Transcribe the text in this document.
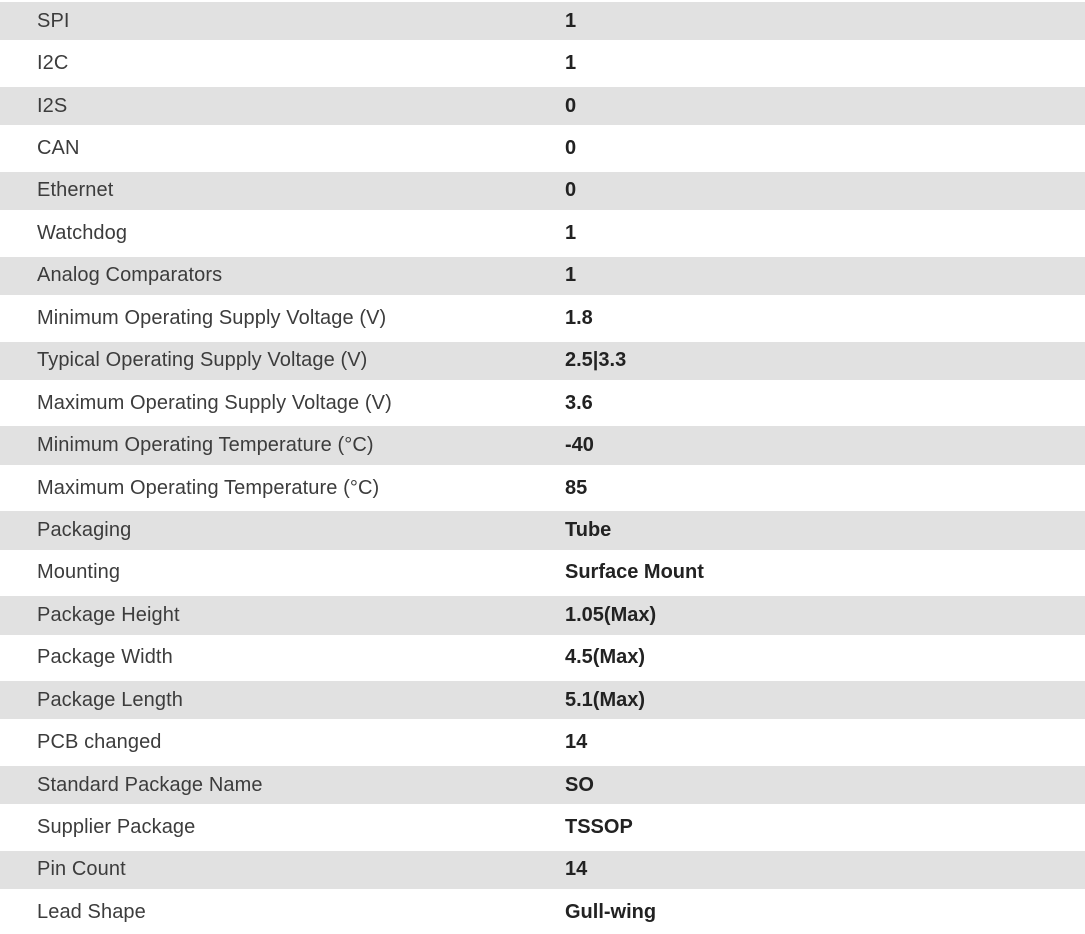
SPI	1
I2C	1
I2S	0
CAN	0
Ethernet	0
Watchdog	1
Analog Comparators	1
Minimum Operating Supply Voltage (V)	1.8
Typical Operating Supply Voltage (V)	2.5|3.3
Maximum Operating Supply Voltage (V)	3.6
Minimum Operating Temperature (°C)	-40
Maximum Operating Temperature (°C)	85
Packaging	Tube
Mounting	Surface Mount
Package Height	1.05(Max)
Package Width	4.5(Max)
Package Length	5.1(Max)
PCB changed	14
Standard Package Name	SO
Supplier Package	TSSOP
Pin Count	14
Lead Shape	Gull-wing
